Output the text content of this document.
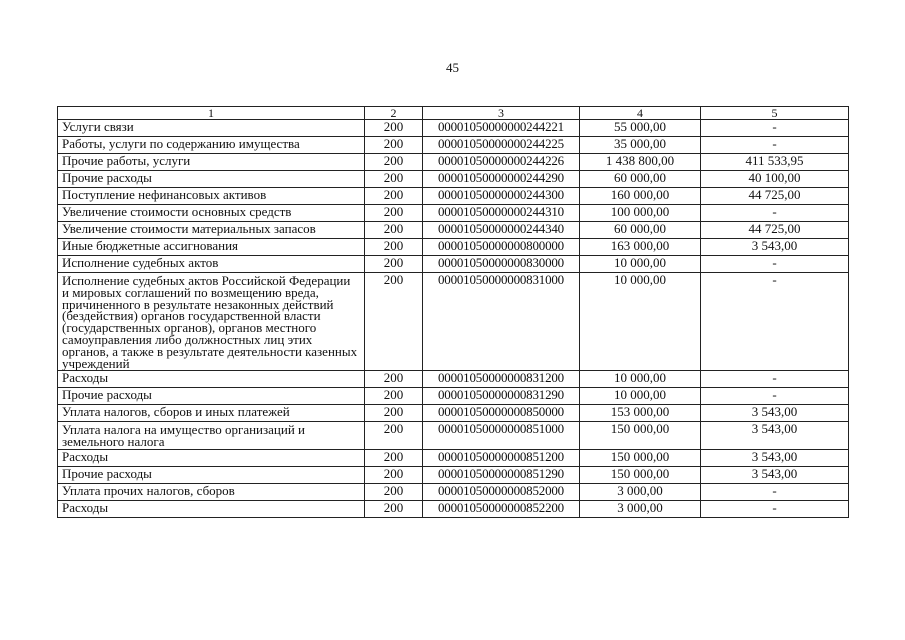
45
1	2	3	4	5
Услуги связи	200	00001050000000244221	55 000,00	-
Работы, услуги по содержанию имущества	200	00001050000000244225	35 000,00	-
Прочие работы, услуги	200	00001050000000244226	1 438 800,00	411 533,95
Прочие расходы	200	00001050000000244290	60 000,00	40 100,00
Поступление нефинансовых активов	200	00001050000000244300	160 000,00	44 725,00
Увеличение стоимости основных средств	200	00001050000000244310	100 000,00	-
Увеличение стоимости материальных запасов	200	00001050000000244340	60 000,00	44 725,00
Иные бюджетные ассигнования	200	00001050000000800000	163 000,00	3 543,00
Исполнение судебных актов	200	00001050000000830000	10 000,00	-
Исполнение судебных актов Российской Федерации и мировых соглашений по возмещению вреда, причиненного в результате незаконных действий (бездействия) органов государственной власти (государственных органов), органов местного самоуправления либо должностных лиц этих органов, а также в результате деятельности казенных учреждений	200	00001050000000831000	10 000,00	-
Расходы	200	00001050000000831200	10 000,00	-
Прочие расходы	200	00001050000000831290	10 000,00	-
Уплата налогов, сборов и иных платежей	200	00001050000000850000	153 000,00	3 543,00
Уплата налога на имущество организаций и земельного налога	200	00001050000000851000	150 000,00	3 543,00
Расходы	200	00001050000000851200	150 000,00	3 543,00
Прочие расходы	200	00001050000000851290	150 000,00	3 543,00
Уплата прочих налогов, сборов	200	00001050000000852000	3 000,00	-
Расходы	200	00001050000000852200	3 000,00	-
